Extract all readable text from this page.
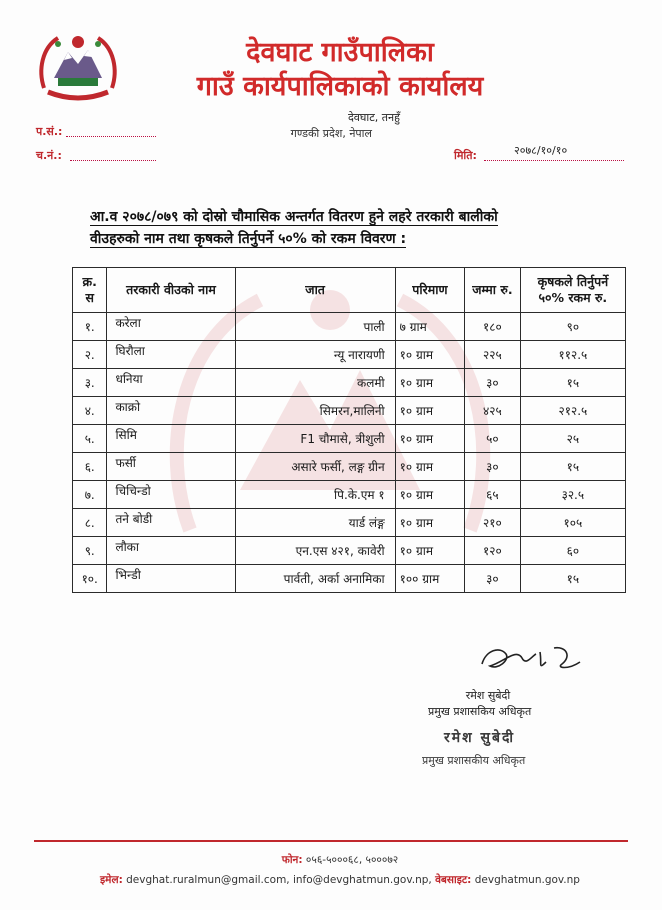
देवघाट गाउँपालिका
गाउँ कार्यपालिकाको कार्यालय
देवघाट, तनहुँ
गण्डकी प्रदेश, नेपाल
प.सं.:
च.नं.:	मिति:	२०७८/१०/१०
आ.व २०७८/०७९ को दोस्रो चौमासिक अन्तर्गत वितरण हुने लहरे तरकारी बालीको
वीउहरुको नाम तथा कृषकले तिर्नुपर्ने ५०% को रकम विवरण :
क्र. स	तरकारी वीउको नाम	जात	परिमाण	जम्मा रु.	कृषकले तिर्नुपर्ने ५०% रकम रु.
१.	करेला	पाली	७ ग्राम	१८०	९०
२.	घिरौला	न्यू नारायणी	१० ग्राम	२२५	११२.५
३.	धनिया	कलमी	१० ग्राम	३०	१५
४.	काक्रो	सिमरन,मालिनी	१० ग्राम	४२५	२१२.५
५.	सिमि	F1 चौमासे, त्रीशुली	१० ग्राम	५०	२५
६.	फर्सी	असारे फर्सी, लङ्ग ग्रीन	१० ग्राम	३०	१५
७.	चिचिन्डो	पि.के.एम १	१० ग्राम	६५	३२.५
८.	तने बोडी	यार्ड लंङ्ग	१० ग्राम	२१०	१०५
९.	लौका	एन.एस ४२१, कावेरी	१० ग्राम	१२०	६०
१०.	भिन्डी	पार्वती, अर्का अनामिका	१०० ग्राम	३०	१५
रमेश सुबेदी
प्रमुख प्रशासकिय अधिकृत
रमेश सुबेदी
प्रमुख प्रशासकीय अधिकृत
फोन: ०५६-५०००६८, ५०००७२
इमेल: devghat.ruralmun@gmail.com, info@devghatmun.gov.np, वेबसाइट: devghatmun.gov.np
